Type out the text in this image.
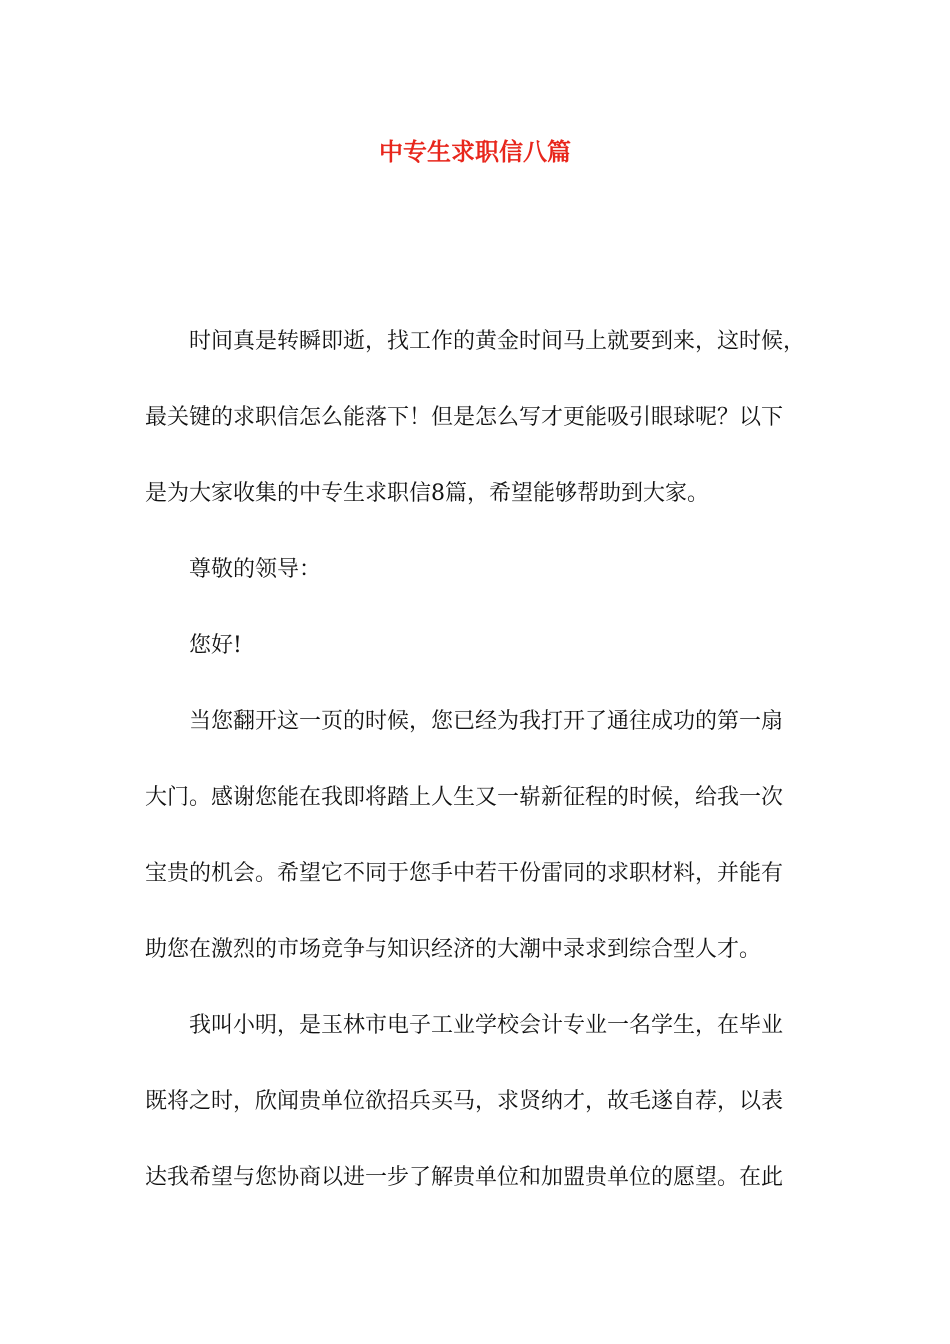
中专生求职信八篇
时间真是转瞬即逝，找工作的黄金时间马上就要到来，这时候，
最关键的求职信怎么能落下！但是怎么写才更能吸引眼球呢？以下
是为大家收集的中专生求职信8篇，希望能够帮助到大家。
尊敬的领导：
您好!
当您翻开这一页的时候，您已经为我打开了通往成功的第一扇
大门。感谢您能在我即将踏上人生又一崭新征程的时候，给我一次
宝贵的机会。希望它不同于您手中若干份雷同的求职材料，并能有
助您在激烈的市场竞争与知识经济的大潮中录求到综合型人才。
我叫小明，是玉林市电子工业学校会计专业一名学生，在毕业
既将之时，欣闻贵单位欲招兵买马，求贤纳才，故毛遂自荐，以表
达我希望与您协商以进一步了解贵单位和加盟贵单位的愿望。在此
